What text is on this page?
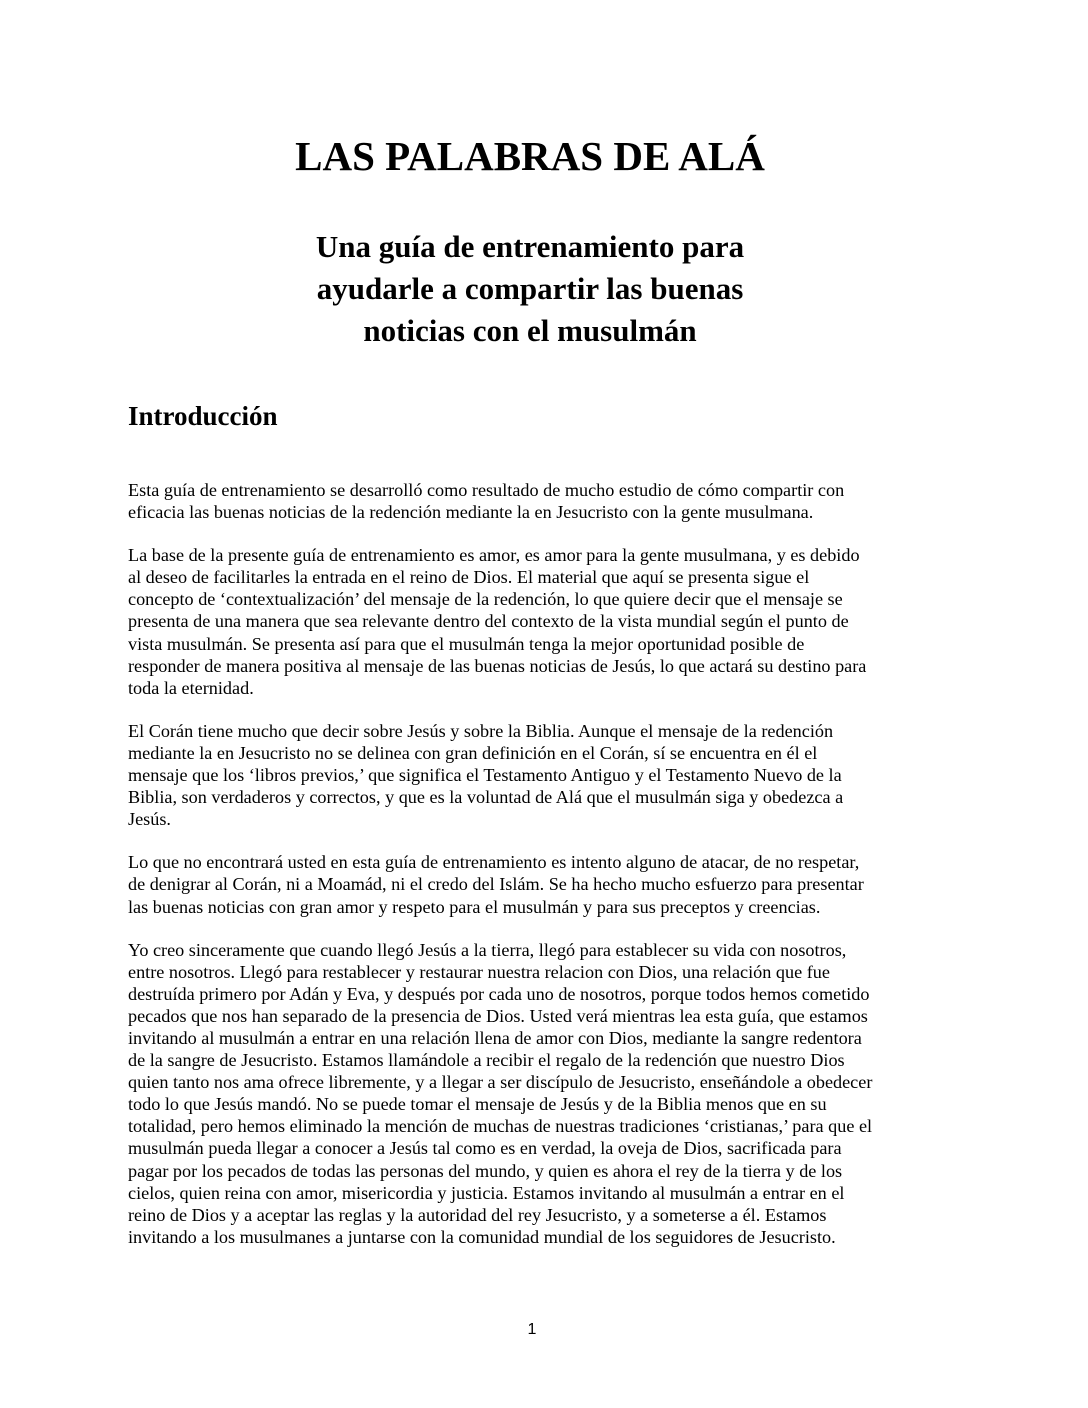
LAS PALABRAS DE ALÁ
Una guía de entrenamiento para
ayudarle a compartir las buenas
noticias con el musulmán
Introducción

Esta guía de entrenamiento se desarrolló como resultado de mucho estudio de cómo compartir con
eficacia las buenas noticias de la redención mediante la en Jesucristo con la gente musulmana.

La base de la presente guía de entrenamiento es amor, es amor para la gente musulmana, y es debido
al deseo de facilitarles la entrada en el reino de Dios. El material que aquí se presenta sigue el
concepto de ‘contextualización’ del mensaje de la redención, lo que quiere decir que el mensaje se
presenta de una manera que sea relevante dentro del contexto de la vista mundial según el punto de
vista musulmán. Se presenta así para que el musulmán tenga la mejor oportunidad posible de
responder de manera positiva al mensaje de las buenas noticias de Jesús, lo que actará su destino para
toda la eternidad.

El Corán tiene mucho que decir sobre Jesús y sobre la Biblia. Aunque el mensaje de la redención
mediante la en Jesucristo no se delinea con gran definición en el Corán, sí se encuentra en él el
mensaje que los ‘libros previos,’ que significa el Testamento Antiguo y el Testamento Nuevo de la
Biblia, son verdaderos y correctos, y que es la voluntad de Alá que el musulmán siga y obedezca a
Jesús.

Lo que no encontrará usted en esta guía de entrenamiento es intento alguno de atacar, de no respetar,
de denigrar al Corán, ni a Moamád, ni el credo del Islám. Se ha hecho mucho esfuerzo para presentar
las buenas noticias con gran amor y respeto para el musulmán y para sus preceptos y creencias.

Yo creo sinceramente que cuando llegó Jesús a la tierra, llegó para establecer su vida con nosotros,
entre nosotros. Llegó para restablecer y restaurar nuestra relacion con Dios, una relación que fue
destruída primero por Adán y Eva, y después por cada uno de nosotros, porque todos hemos cometido
pecados que nos han separado de la presencia de Dios. Usted verá mientras lea esta guía, que estamos
invitando al musulmán a entrar en una relación llena de amor con Dios, mediante la sangre redentora
de la sangre de Jesucristo. Estamos llamándole a recibir el regalo de la redención que nuestro Dios
quien tanto nos ama ofrece libremente, y a llegar a ser discípulo de Jesucristo, enseñándole a obedecer
todo lo que Jesús mandó. No se puede tomar el mensaje de Jesús y de la Biblia menos que en su
totalidad, pero hemos eliminado la mención de muchas de nuestras tradiciones ‘cristianas,’ para que el
musulmán pueda llegar a conocer a Jesús tal como es en verdad, la oveja de Dios, sacrificada para
pagar por los pecados de todas las personas del mundo, y quien es ahora el rey de la tierra y de los
cielos, quien reina con amor, misericordia y justicia. Estamos invitando al musulmán a entrar en el
reino de Dios y a aceptar las reglas y la autoridad del rey Jesucristo, y a someterse a él. Estamos
invitando a los musulmanes a juntarse con la comunidad mundial de los seguidores de Jesucristo.

1
